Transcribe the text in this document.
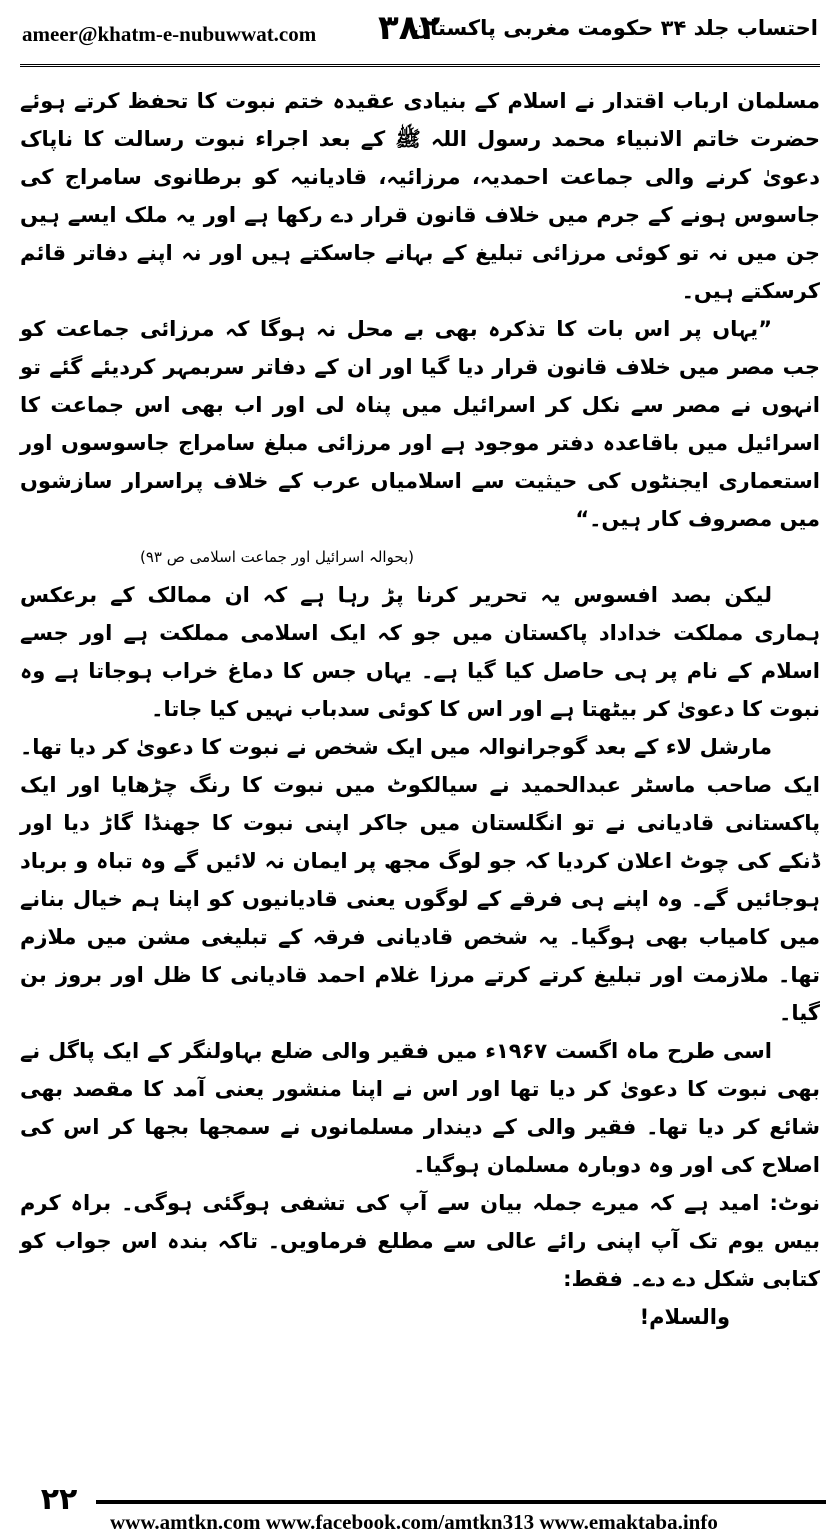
ameer@khatm-e-nubuwwat.com ۳۸۲
احتساب جلد ۳۴ حکومت مغربی پاکستان

مسلمان ارباب اقتدار نے اسلام کے بنیادی عقیدہ ختم نبوت کا تحفظ کرتے ہوئے حضرت خاتم الانبیاء محمد رسول اللہ ﷺ کے بعد اجراء نبوت رسالت کا ناپاک دعویٰ کرنے والی جماعت احمدیہ، مرزائیہ، قادیانیہ کو برطانوی سامراج کی جاسوس ہونے کے جرم میں خلاف قانون قرار دے رکھا ہے اور یہ ملک ایسے ہیں جن میں نہ تو کوئی مرزائی تبلیغ کے بہانے جاسکتے ہیں اور نہ اپنے دفاتر قائم کرسکتے ہیں۔

”یہاں پر اس بات کا تذکرہ بھی بے محل نہ ہوگا کہ مرزائی جماعت کو جب مصر میں خلاف قانون قرار دیا گیا اور ان کے دفاتر سربمہر کردیئے گئے تو انہوں نے مصر سے نکل کر اسرائیل میں پناہ لی اور اب بھی اس جماعت کا اسرائیل میں باقاعدہ دفتر موجود ہے اور مرزائی مبلغ سامراج جاسوسوں اور استعماری ایجنٹوں کی حیثیت سے اسلامیاں عرب کے خلاف پراسرار سازشوں میں مصروف کار ہیں۔“

(بحوالہ اسرائیل اور جماعت اسلامی ص ۹۳)

لیکن بصد افسوس یہ تحریر کرنا پڑ رہا ہے کہ ان ممالک کے برعکس ہماری مملکت خداداد پاکستان میں جو کہ ایک اسلامی مملکت ہے اور جسے اسلام کے نام پر ہی حاصل کیا گیا ہے۔ یہاں جس کا دماغ خراب ہوجاتا ہے وہ نبوت کا دعویٰ کر بیٹھتا ہے اور اس کا کوئی سدباب نہیں کیا جاتا۔

مارشل لاء کے بعد گوجرانوالہ میں ایک شخص نے نبوت کا دعویٰ کر دیا تھا۔ ایک صاحب ماسٹر عبدالحمید نے سیالکوٹ میں نبوت کا رنگ چڑھایا اور ایک پاکستانی قادیانی نے تو انگلستان میں جاکر اپنی نبوت کا جھنڈا گاڑ دیا اور ڈنکے کی چوٹ اعلان کردیا کہ جو لوگ مجھ پر ایمان نہ لائیں گے وہ تباہ و برباد ہوجائیں گے۔ وہ اپنے ہی فرقے کے لوگوں یعنی قادیانیوں کو اپنا ہم خیال بنانے میں کامیاب بھی ہوگیا۔ یہ شخص قادیانی فرقہ کے تبلیغی مشن میں ملازم تھا۔ ملازمت اور تبلیغ کرتے کرتے مرزا غلام احمد قادیانی کا ظل اور بروز بن گیا۔

اسی طرح ماہ اگست ۱۹۶۷ء میں فقیر والی ضلع بہاولنگر کے ایک پاگل نے بھی نبوت کا دعویٰ کر دیا تھا اور اس نے اپنا منشور یعنی آمد کا مقصد بھی شائع کر دیا تھا۔ فقیر والی کے دیندار مسلمانوں نے سمجھا بجھا کر اس کی اصلاح کی اور وہ دوبارہ مسلمان ہوگیا۔

نوٹ: امید ہے کہ میرے جملہ بیان سے آپ کی تشفی ہوگئی ہوگی۔ براہ کرم بیس یوم تک آپ اپنی رائے عالی سے مطلع فرماویں۔ تاکہ بندہ اس جواب کو کتابی شکل دے دے۔ فقط:

والسلام!

۲۲
www.amtkn.com www.facebook.com/amtkn313 www.emaktaba.info
